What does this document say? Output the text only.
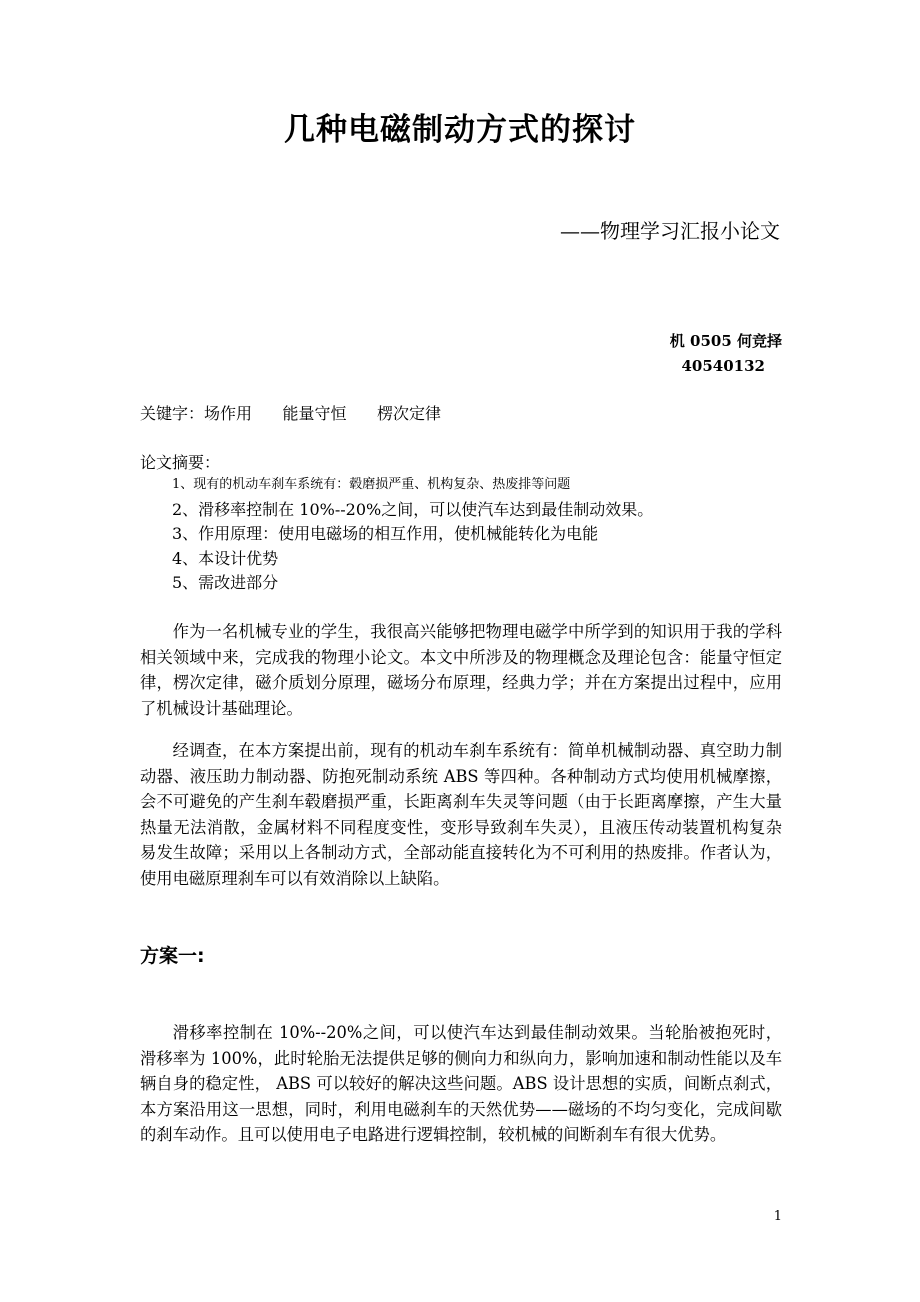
几种电磁制动方式的探讨
——物理学习汇报小论文
机 0505 何竞择
40540132
关键字：场作用      能量守恒      楞次定律
论文摘要：
1、现有的机动车刹车系统有：毂磨损严重、机构复杂、热废排等问题
2、滑移率控制在 10%--20%之间，可以使汽车达到最佳制动效果。
3、作用原理：使用电磁场的相互作用，使机械能转化为电能
4、本设计优势
5、需改进部分

作为一名机械专业的学生，我很高兴能够把物理电磁学中所学到的知识用于我的学科相关领域中来，完成我的物理小论文。本文中所涉及的物理概念及理论包含：能量守恒定律，楞次定律，磁介质划分原理，磁场分布原理，经典力学；并在方案提出过程中，应用了机械设计基础理论。

经调查，在本方案提出前，现有的机动车刹车系统有：简单机械制动器、真空助力制动器、液压助力制动器、防抱死制动系统 ABS 等四种。各种制动方式均使用机械摩擦，会不可避免的产生刹车毂磨损严重，长距离刹车失灵等问题（由于长距离摩擦，产生大量热量无法消散，金属材料不同程度变性，变形导致刹车失灵），且液压传动装置机构复杂易发生故障；采用以上各制动方式，全部动能直接转化为不可利用的热废排。作者认为，使用电磁原理刹车可以有效消除以上缺陷。

方案一:

滑移率控制在 10%--20%之间，可以使汽车达到最佳制动效果。当轮胎被抱死时，滑移率为 100%，此时轮胎无法提供足够的侧向力和纵向力，影响加速和制动性能以及车辆自身的稳定性， ABS 可以较好的解决这些问题。ABS 设计思想的实质，间断点刹式，本方案沿用这一思想，同时，利用电磁刹车的天然优势——磁场的不均匀变化，完成间歇的刹车动作。且可以使用电子电路进行逻辑控制，较机械的间断刹车有很大优势。

1
